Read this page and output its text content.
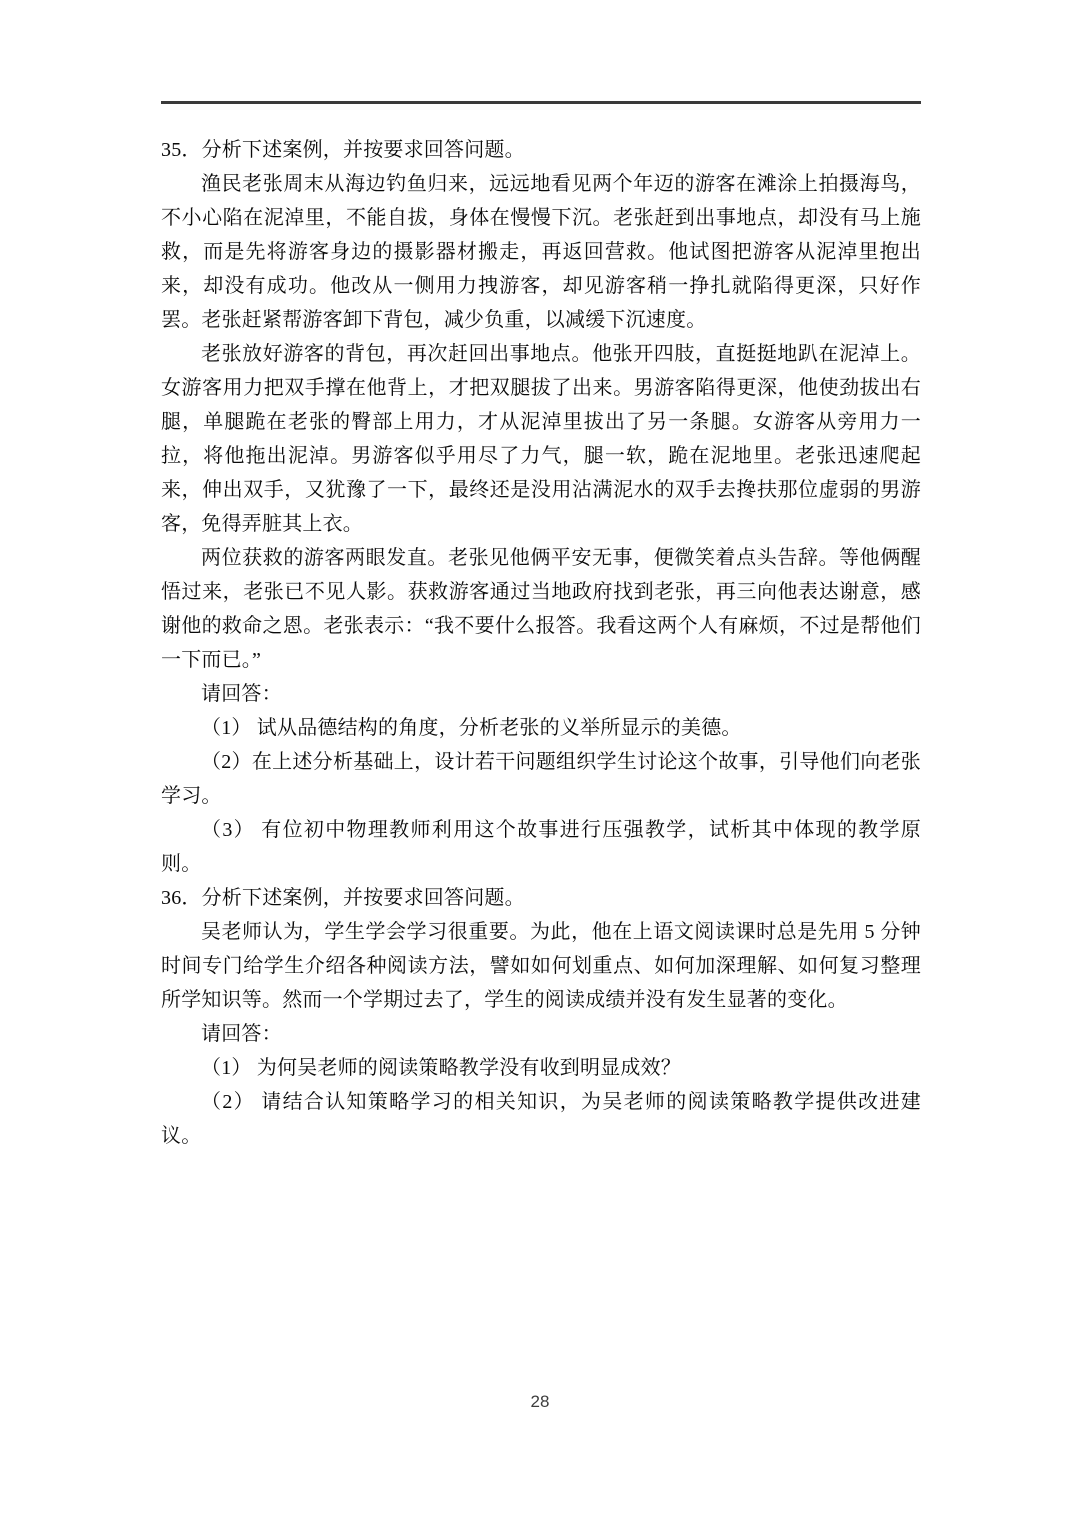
35．分析下述案例，并按要求回答问题。

渔民老张周末从海边钓鱼归来，远远地看见两个年迈的游客在滩涂上拍摄海鸟，不小心陷在泥淖里，不能自拔，身体在慢慢下沉。老张赶到出事地点，却没有马上施救，而是先将游客身边的摄影器材搬走，再返回营救。他试图把游客从泥淖里抱出来，却没有成功。他改从一侧用力拽游客，却见游客稍一挣扎就陷得更深，只好作罢。老张赶紧帮游客卸下背包，减少负重，以减缓下沉速度。

老张放好游客的背包，再次赶回出事地点。他张开四肢，直挺挺地趴在泥淖上。女游客用力把双手撑在他背上，才把双腿拔了出来。男游客陷得更深，他使劲拔出右腿，单腿跪在老张的臀部上用力，才从泥淖里拔出了另一条腿。女游客从旁用力一拉，将他拖出泥淖。男游客似乎用尽了力气，腿一软，跪在泥地里。老张迅速爬起来，伸出双手，又犹豫了一下，最终还是没用沾满泥水的双手去搀扶那位虚弱的男游客，免得弄脏其上衣。

两位获救的游客两眼发直。老张见他俩平安无事，便微笑着点头告辞。等他俩醒悟过来，老张已不见人影。获救游客通过当地政府找到老张，再三向他表达谢意，感谢他的救命之恩。老张表示：“我不要什么报答。我看这两个人有麻烦，不过是帮他们一下而已。”

请回答：

（1） 试从品德结构的角度，分析老张的义举所显示的美德。

（2）在上述分析基础上，设计若干问题组织学生讨论这个故事，引导他们向老张学习。

（3） 有位初中物理教师利用这个故事进行压强教学，试析其中体现的教学原则。

36．分析下述案例，并按要求回答问题。

吴老师认为，学生学会学习很重要。为此，他在上语文阅读课时总是先用 5 分钟时间专门给学生介绍各种阅读方法，譬如如何划重点、如何加深理解、如何复习整理所学知识等。然而一个学期过去了，学生的阅读成绩并没有发生显著的变化。

请回答：

（1） 为何吴老师的阅读策略教学没有收到明显成效？

（2） 请结合认知策略学习的相关知识，为吴老师的阅读策略教学提供改进建议。

28
